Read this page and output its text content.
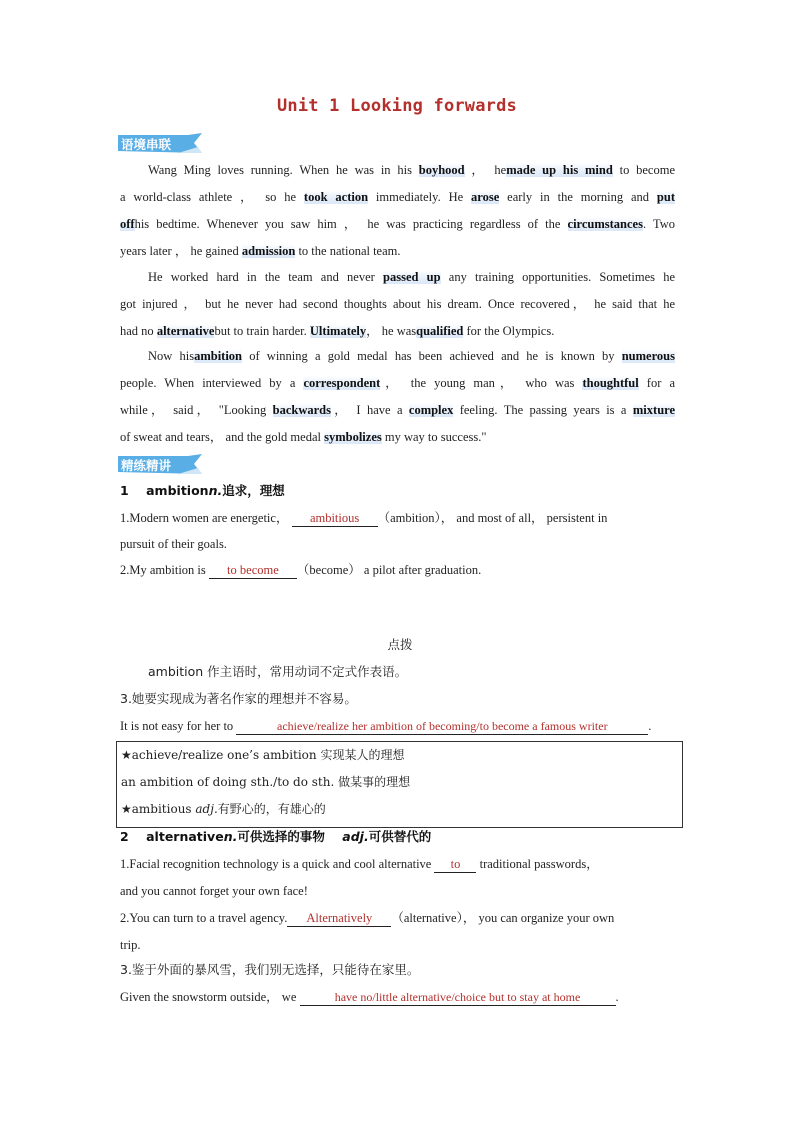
Unit 1 Looking forwards
语境串联
Wang Ming loves running. When he was in his boyhood ， hemade up his mind to become
a world-class athlete ， so he took action immediately. He arose early in the morning and put
offhis bedtime. Whenever you saw him ， he was practicing regardless of the circumstances. Two
years later ， he gained admission to the national team.
He worked hard in the team and never passed up any training opportunities. Sometimes he
got injured ， but he never had second thoughts about his dream. Once recovered， he said that he
had no alternativebut to train harder. Ultimately， he wasqualified for the Olympics.
Now hisambition of winning a gold medal has been achieved and he is known by numerous
people. When interviewed by a correspondent， the young man， who was thoughtful for a
while， said， "Looking backwards， I have a complex feeling. The passing years is a mixture
of sweat and tears， and the gold medal symbolizes my way to success."
精练精讲
1 ambitionn.追求，理想
1.Modern women are energetic， ambitious （ambition）， and most of all， persistent in
pursuit of their goals.
2.My ambition is to become （become） a pilot after graduation.
点拨
ambition 作主语时，常用动词不定式作表语。
3.她要实现成为著名作家的理想并不容易。
It is not easy for her to	achieve/realize her ambition of becoming/to become a famous writer	.
★achieve/realize one’s ambition 实现某人的理想
an ambition of doing sth./to do sth. 做某事的理想
★ambitious adj.有野心的，有雄心的
2 alternativen.可供选择的事物 adj.可供替代的
1.Facial recognition technology is a quick and cool alternative to traditional passwords，
and you cannot forget your own face!
2.You can turn to a travel agency. Alternatively （alternative）， you can organize your own
trip.
3.鉴于外面的暴风雪，我们别无选择，只能待在家里。
Given the snowstorm outside， we	have no/little alternative/choice but to stay at home	.
